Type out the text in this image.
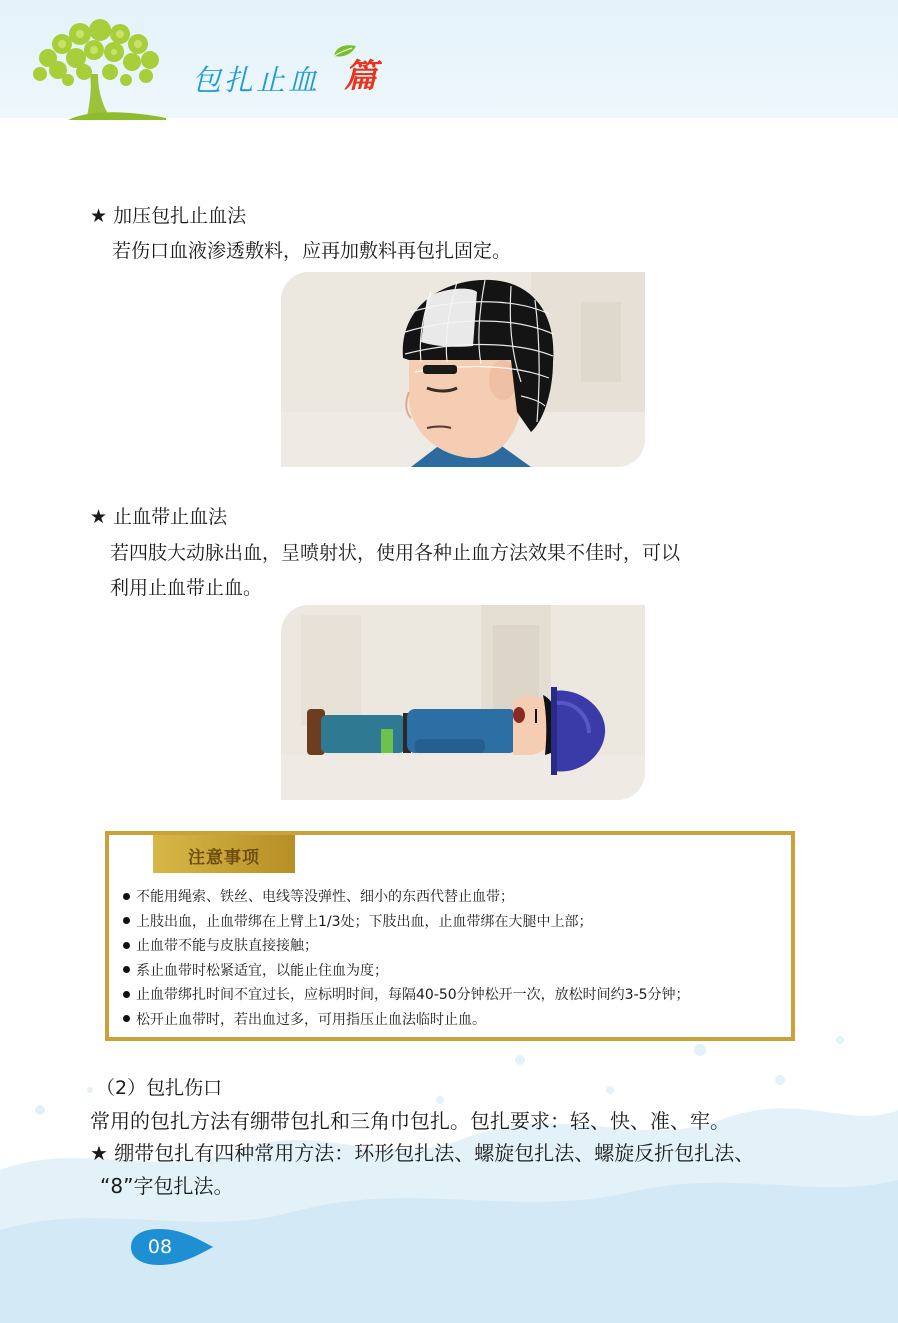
包扎止血 篇
★ 加压包扎止血法
若伤口血液渗透敷料，应再加敷料再包扎固定。
★ 止血带止血法
若四肢大动脉出血，呈喷射状，使用各种止血方法效果不佳时，可以
利用止血带止血。
注意事项
不能用绳索、铁丝、电线等没弹性、细小的东西代替止血带；
上肢出血，止血带绑在上臂上1/3处；下肢出血，止血带绑在大腿中上部；
止血带不能与皮肤直接接触；
系止血带时松紧适宜，以能止住血为度；
止血带绑扎时间不宜过长，应标明时间，每隔40-50分钟松开一次，放松时间约3-5分钟；
松开止血带时，若出血过多，可用指压止血法临时止血。
（2）包扎伤口
常用的包扎方法有绷带包扎和三角巾包扎。包扎要求：轻、快、准、牢。
★ 绷带包扎有四种常用方法：环形包扎法、螺旋包扎法、螺旋反折包扎法、
“8”字包扎法。
08
